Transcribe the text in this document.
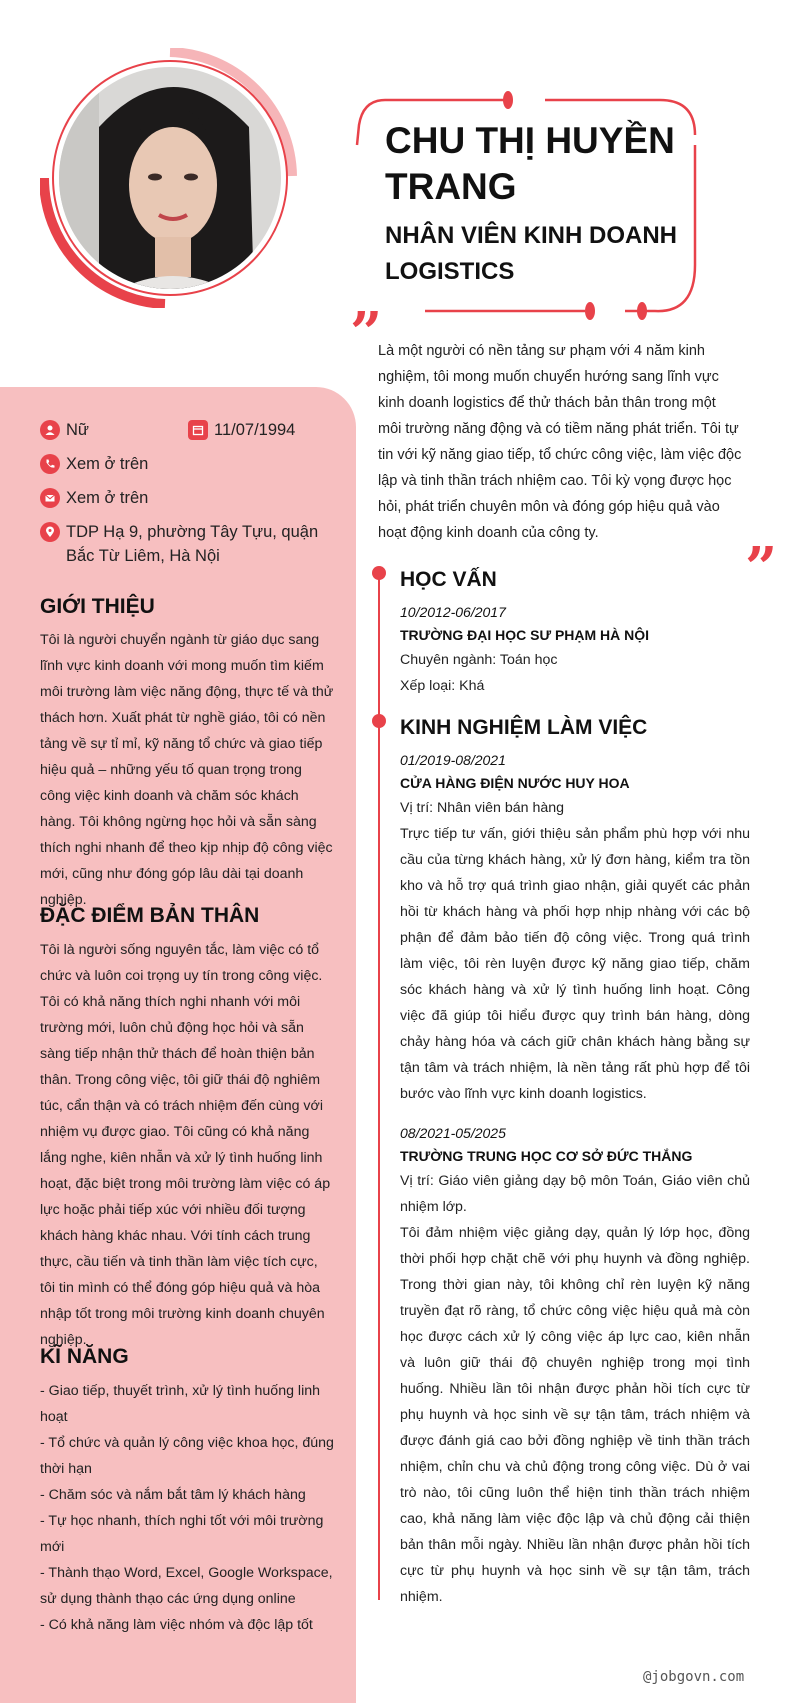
CHU THỊ HUYỀN TRANG
NHÂN VIÊN KINH DOANH LOGISTICS
”
Là một người có nền tảng sư phạm với 4 năm kinh nghiệm, tôi mong muốn chuyển hướng sang lĩnh vực kinh doanh logistics để thử thách bản thân trong một môi trường năng động và có tiềm năng phát triển. Tôi tự tin với kỹ năng giao tiếp, tổ chức công việc, làm việc độc lập và tinh thần trách nhiệm cao. Tôi kỳ vọng được học hỏi, phát triển chuyên môn và đóng góp hiệu quả vào hoạt động kinh doanh của công ty.
”
Nữ	11/07/1994
Xem ở trên
Xem ở trên
TDP Hạ 9, phường Tây Tựu, quận Bắc Từ Liêm, Hà Nội
GIỚI THIỆU
Tôi là người chuyển ngành từ giáo dục sang lĩnh vực kinh doanh với mong muốn tìm kiếm môi trường làm việc năng động, thực tế và thử thách hơn. Xuất phát từ nghề giáo, tôi có nền tảng về sự tỉ mỉ, kỹ năng tổ chức và giao tiếp hiệu quả – những yếu tố quan trọng trong công việc kinh doanh và chăm sóc khách hàng. Tôi không ngừng học hỏi và sẵn sàng thích nghi nhanh để theo kịp nhịp độ công việc mới, cũng như đóng góp lâu dài tại doanh nghiệp.
ĐẶC ĐIỂM BẢN THÂN
Tôi là người sống nguyên tắc, làm việc có tổ chức và luôn coi trọng uy tín trong công việc. Tôi có khả năng thích nghi nhanh với môi trường mới, luôn chủ động học hỏi và sẵn sàng tiếp nhận thử thách để hoàn thiện bản thân. Trong công việc, tôi giữ thái độ nghiêm túc, cẩn thận và có trách nhiệm đến cùng với nhiệm vụ được giao. Tôi cũng có khả năng lắng nghe, kiên nhẫn và xử lý tình huống linh hoạt, đặc biệt trong môi trường làm việc có áp lực hoặc phải tiếp xúc với nhiều đối tượng khách hàng khác nhau. Với tính cách trung thực, cầu tiến và tinh thần làm việc tích cực, tôi tin mình có thể đóng góp hiệu quả và hòa nhập tốt trong môi trường kinh doanh chuyên nghiệp.
KĨ NĂNG
- Giao tiếp, thuyết trình, xử lý tình huống linh hoạt
- Tổ chức và quản lý công việc khoa học, đúng thời hạn
- Chăm sóc và nắm bắt tâm lý khách hàng
- Tự học nhanh, thích nghi tốt với môi trường mới
- Thành thạo Word, Excel, Google Workspace, sử dụng thành thạo các ứng dụng online
- Có khả năng làm việc nhóm và độc lập tốt
HỌC VẤN
10/2012-06/2017
TRƯỜNG ĐẠI HỌC SƯ PHẠM HÀ NỘI
Chuyên ngành: Toán học
Xếp loại: Khá
KINH NGHIỆM LÀM VIỆC
01/2019-08/2021
CỬA HÀNG ĐIỆN NƯỚC HUY HOA
Vị trí: Nhân viên bán hàng
Trực tiếp tư vấn, giới thiệu sản phẩm phù hợp với nhu cầu của từng khách hàng, xử lý đơn hàng, kiểm tra tồn kho và hỗ trợ quá trình giao nhận, giải quyết các phản hồi từ khách hàng và phối hợp nhịp nhàng với các bộ phận để đảm bảo tiến độ công việc. Trong quá trình làm việc, tôi rèn luyện được kỹ năng giao tiếp, chăm sóc khách hàng và xử lý tình huống linh hoạt. Công việc đã giúp tôi hiểu được quy trình bán hàng, dòng chảy hàng hóa và cách giữ chân khách hàng bằng sự tận tâm và trách nhiệm, là nền tảng rất phù hợp để tôi bước vào lĩnh vực kinh doanh logistics.
08/2021-05/2025
TRƯỜNG TRUNG HỌC CƠ SỞ ĐỨC THẮNG
Vị trí: Giáo viên giảng dạy bộ môn Toán, Giáo viên chủ nhiệm lớp.
Tôi đảm nhiệm việc giảng dạy, quản lý lớp học, đồng thời phối hợp chặt chẽ với phụ huynh và đồng nghiệp. Trong thời gian này, tôi không chỉ rèn luyện kỹ năng truyền đạt rõ ràng, tổ chức công việc hiệu quả mà còn học được cách xử lý công việc áp lực cao, kiên nhẫn và luôn giữ thái độ chuyên nghiệp trong mọi tình huống. Nhiều lần tôi nhận được phản hồi tích cực từ phụ huynh và học sinh về sự tận tâm, trách nhiệm và được đánh giá cao bởi đồng nghiệp về tinh thần trách nhiệm, chỉn chu và chủ động trong công việc. Dù ở vai trò nào, tôi cũng luôn thể hiện tinh thần trách nhiệm cao, khả năng làm việc độc lập và chủ động cải thiện bản thân mỗi ngày. Nhiều lần nhận được phản hồi tích cực từ phụ huynh và học sinh về sự tận tâm, trách nhiệm.
@jobgovn.com
